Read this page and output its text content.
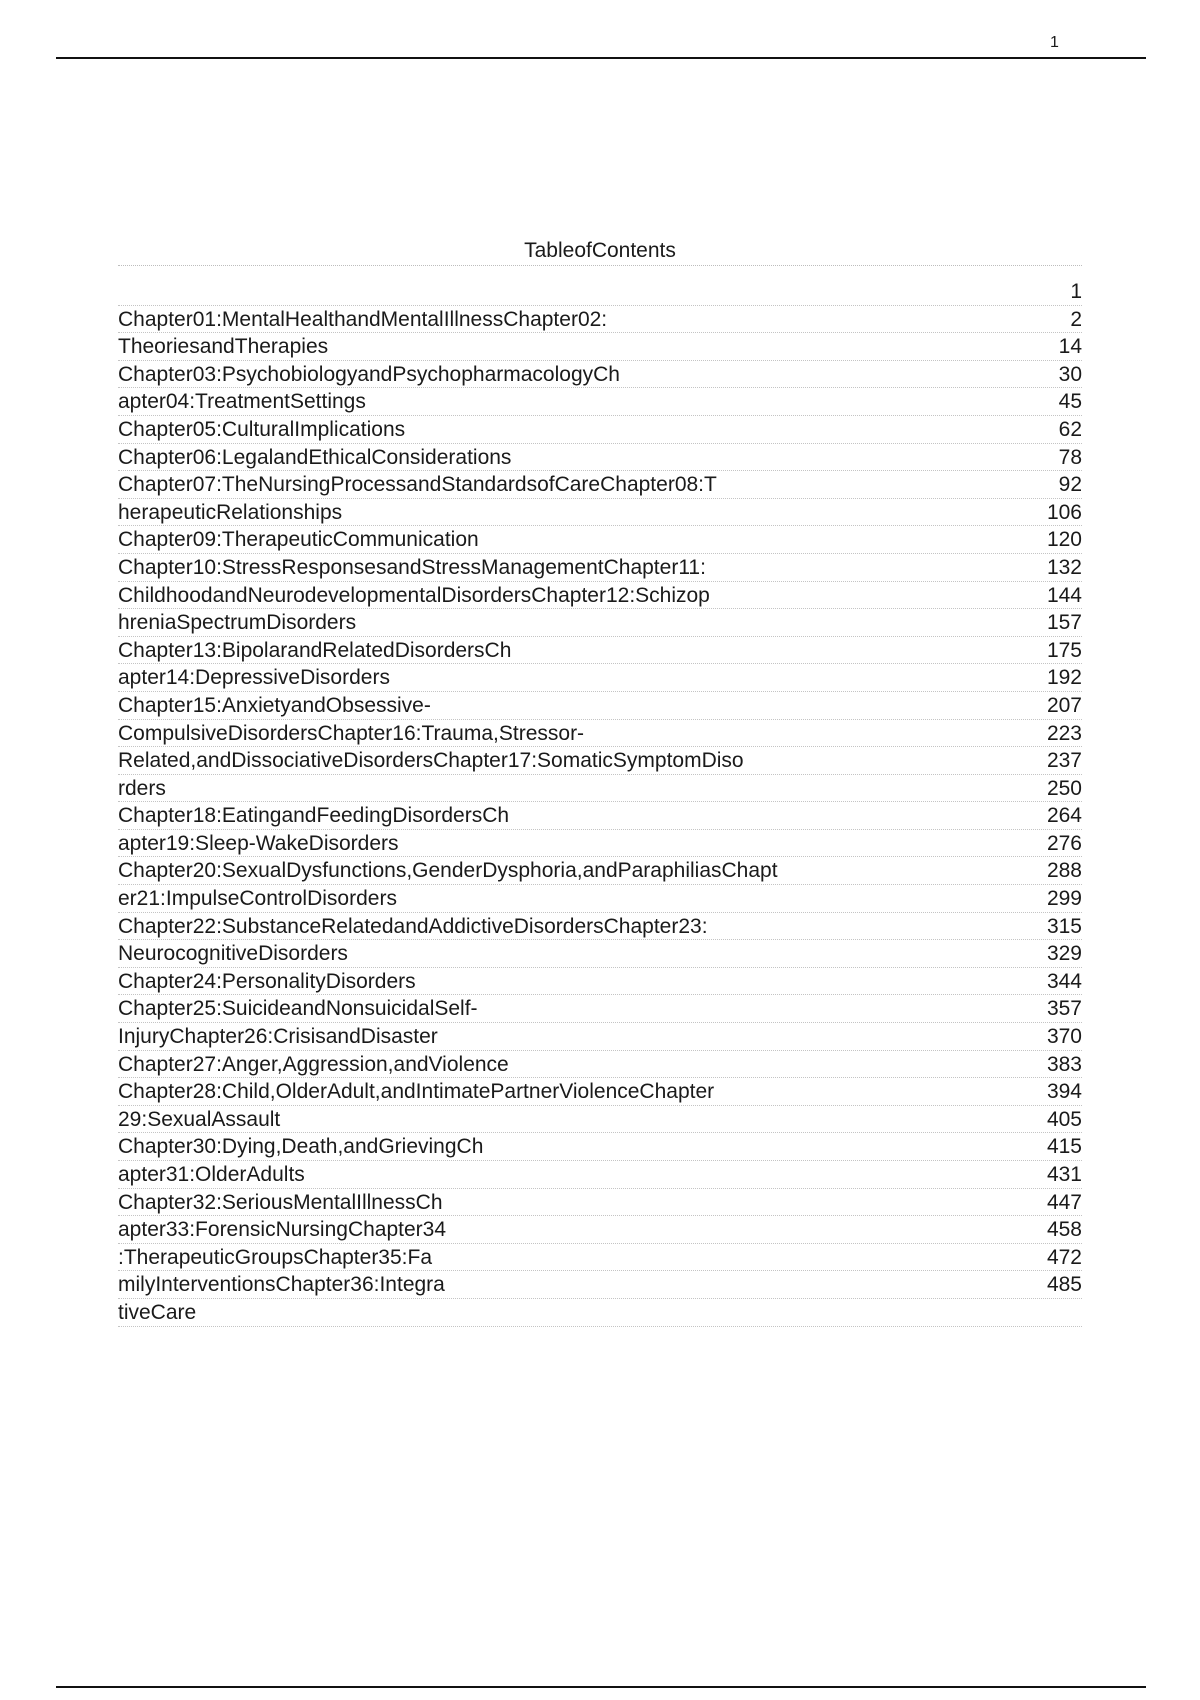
1
TableofContents
Chapter01:MentalHealthandMentalIllnessChapter02:
TheoriesandTherapies
Chapter03:PsychobiologyandPsychopharmacologyCh
apter04:TreatmentSettings
Chapter05:CulturalImplications
Chapter06:LegalandEthicalConsiderations
Chapter07:TheNursingProcessandStandardsofCareChapter08:T
herapeuticRelationships
Chapter09:TherapeuticCommunication
Chapter10:StressResponsesandStressManagementChapter11:
ChildhoodandNeurodevelopmentalDisordersChapter12:Schizop
hreniaSpectrumDisorders
Chapter13:BipolarandRelatedDisordersCh
apter14:DepressiveDisorders
Chapter15:AnxietyandObsessive-
CompulsiveDisordersChapter16:Trauma,Stressor-
Related,andDissociativeDisordersChapter17:SomaticSymptomDiso
rders
Chapter18:EatingandFeedingDisordersCh
apter19:Sleep-WakeDisorders
Chapter20:SexualDysfunctions,GenderDysphoria,andParaphiliasChapt
er21:ImpulseControlDisorders
Chapter22:SubstanceRelatedandAddictiveDisordersChapter23:
NeurocognitiveDisorders
Chapter24:PersonalityDisorders
Chapter25:SuicideandNonsuicidalSelf-
InjuryChapter26:CrisisandDisaster
Chapter27:Anger,Aggression,andViolence
Chapter28:Child,OlderAdult,andIntimatePartnerViolenceChapter
29:SexualAssault
Chapter30:Dying,Death,andGrievingCh
apter31:OlderAdults
Chapter32:SeriousMentalIllnessCh
apter33:ForensicNursingChapter34
:TherapeuticGroupsChapter35:Fa
milyInterventionsChapter36:Integra
tiveCare
1
2
14
30
45
62
78
92
106
120
132
144
157
175
192
207
223
237
250
264
276
288
299
315
329
344
357
370
383
394
405
415
431
447
458
472
485
